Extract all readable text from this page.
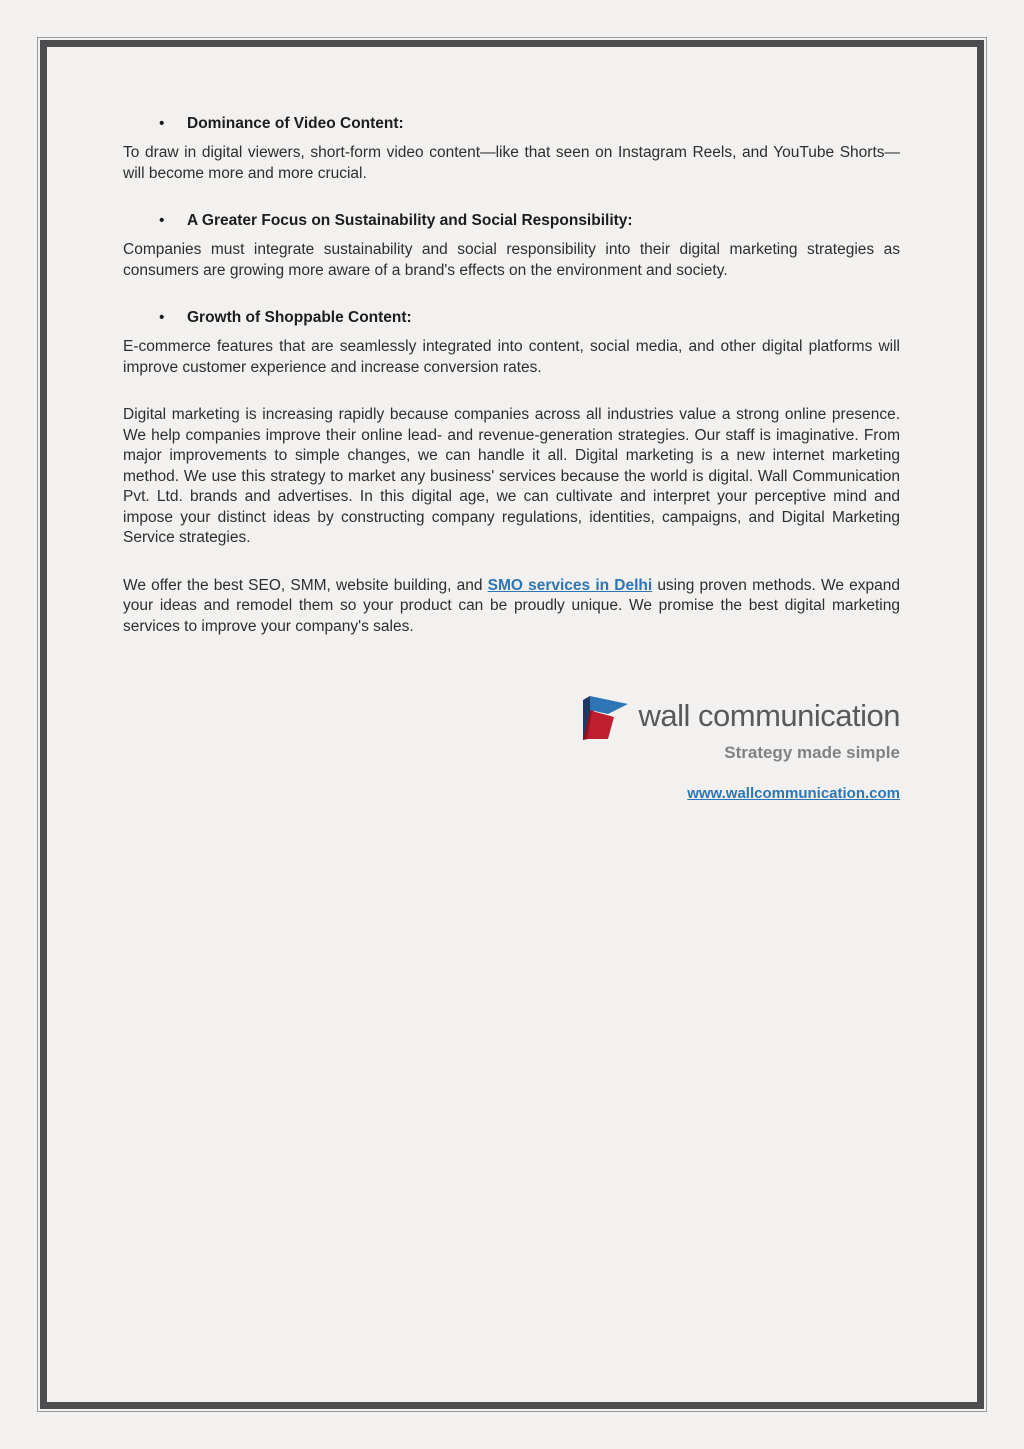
• Dominance of Video Content:

To draw in digital viewers, short-form video content—like that seen on Instagram Reels, and YouTube Shorts—will become more and more crucial.

• A Greater Focus on Sustainability and Social Responsibility:

Companies must integrate sustainability and social responsibility into their digital marketing strategies as consumers are growing more aware of a brand's effects on the environment and society.

• Growth of Shoppable Content:

E-commerce features that are seamlessly integrated into content, social media, and other digital platforms will improve customer experience and increase conversion rates.

Digital marketing is increasing rapidly because companies across all industries value a strong online presence. We help companies improve their online lead- and revenue-generation strategies. Our staff is imaginative. From major improvements to simple changes, we can handle it all. Digital marketing is a new internet marketing method. We use this strategy to market any business' services because the world is digital. Wall Communication Pvt. Ltd. brands and advertises. In this digital age, we can cultivate and interpret your perceptive mind and impose your distinct ideas by constructing company regulations, identities, campaigns, and Digital Marketing Service strategies.

We offer the best SEO, SMM, website building, and SMO services in Delhi using proven methods. We expand your ideas and remodel them so your product can be proudly unique. We promise the best digital marketing services to improve your company's sales.

wall communication
Strategy made simple
www.wallcommunication.com
